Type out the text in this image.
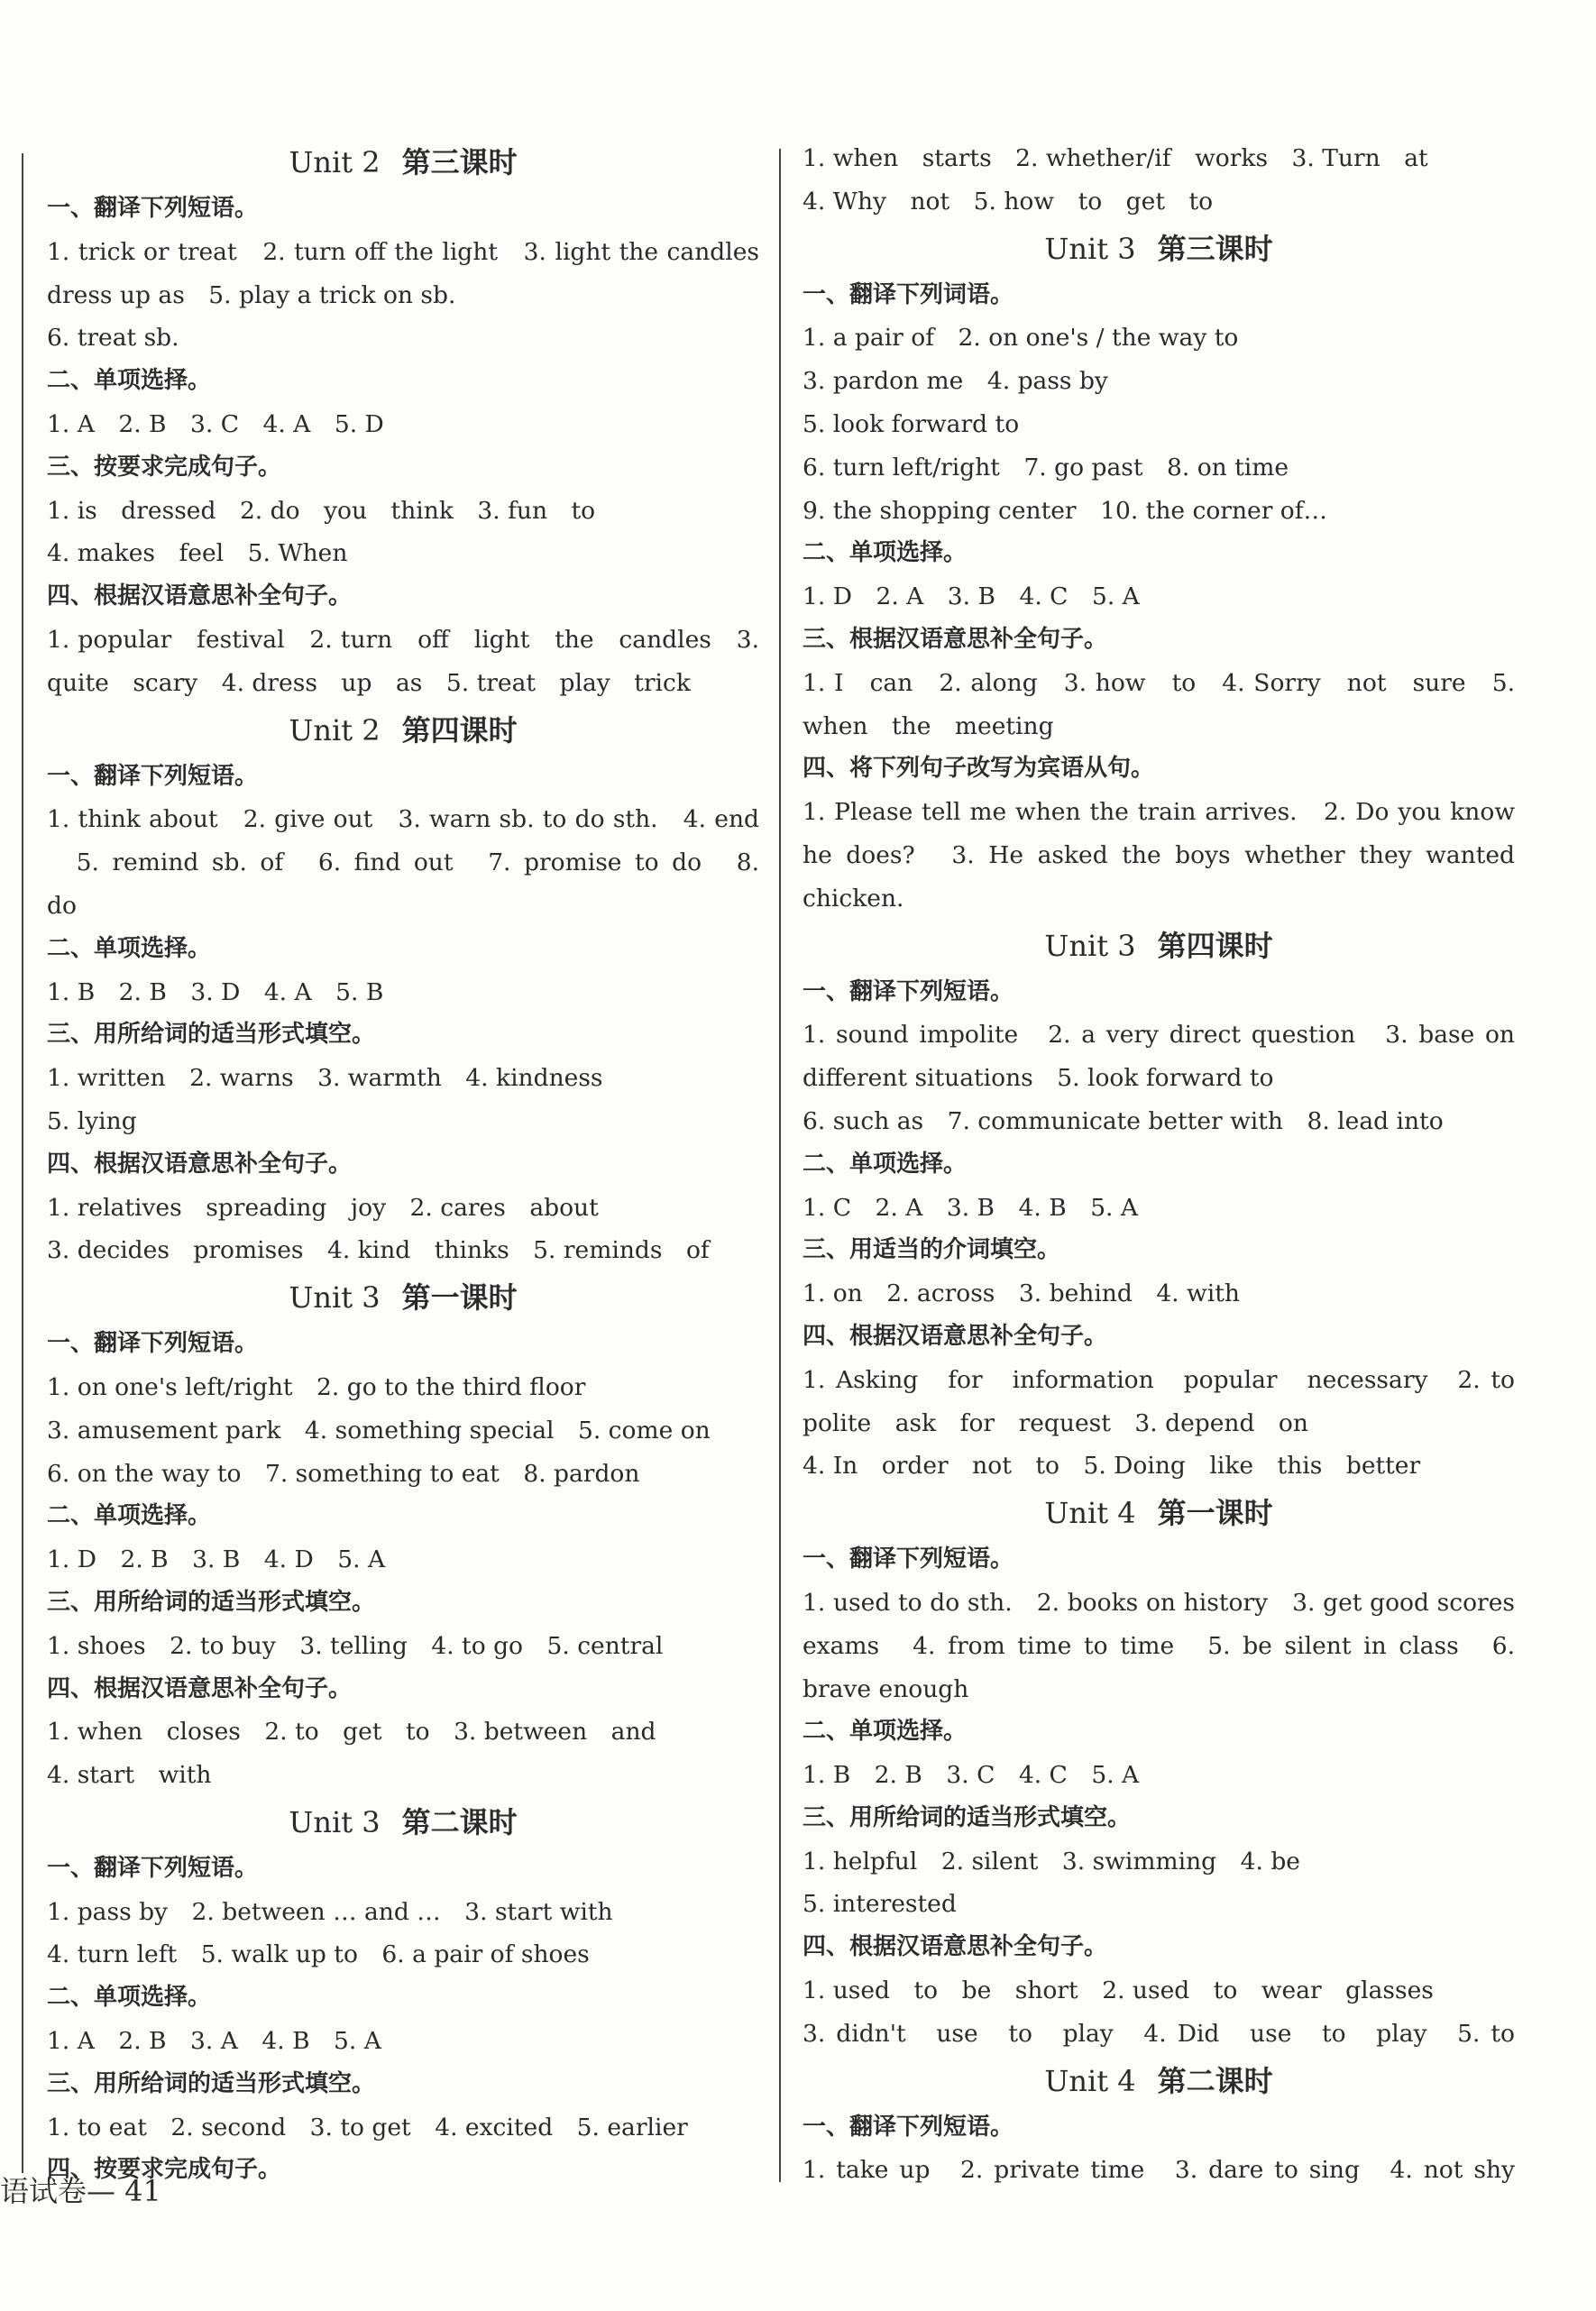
Unit 2 第三课时
一、翻译下列短语。
1. trick or treat　2. turn off the light　3. light the candles　
dress up as　5. play a trick on sb.
6. treat sb.
二、单项选择。
1. A　2. B　3. C　4. A　5. D
三、按要求完成句子。
1. is　dressed　2. do　you　think　3. fun　to
4. makes　feel　5. When
四、根据汉语意思补全句子。
1. popular　festival　2. turn　off　light　the　candles　3.
quite　scary　4. dress　up　as　5. treat　play　trick
Unit 2 第四课时
一、翻译下列短语。
1. think about　2. give out　3. warn sb. to do sth.　4. end
　5. remind sb. of　6. find out　7. promise to do　8.
do
二、单项选择。
1. B　2. B　3. D　4. A　5. B
三、用所给词的适当形式填空。
1. written　2. warns　3. warmth　4. kindness
5. lying
四、根据汉语意思补全句子。
1. relatives　spreading　joy　2. cares　about
3. decides　promises　4. kind　thinks　5. reminds　of
Unit 3 第一课时
一、翻译下列短语。
1. on one's left/right　2. go to the third floor
3. amusement park　4. something special　5. come on
6. on the way to　7. something to eat　8. pardon
二、单项选择。
1. D　2. B　3. B　4. D　5. A
三、用所给词的适当形式填空。
1. shoes　2. to buy　3. telling　4. to go　5. central
四、根据汉语意思补全句子。
1. when　closes　2. to　get　to　3. between　and
4. start　with
Unit 3 第二课时
一、翻译下列短语。
1. pass by　2. between … and …　3. start with
4. turn left　5. walk up to　6. a pair of shoes
二、单项选择。
1. A　2. B　3. A　4. B　5. A
三、用所给词的适当形式填空。
1. to eat　2. second　3. to get　4. excited　5. earlier
四、按要求完成句子。
1. when　starts　2. whether/if　works　3. Turn　at
4. Why　not　5. how　to　get　to
Unit 3 第三课时
一、翻译下列词语。
1. a pair of　2. on one's / the way to
3. pardon me　4. pass by
5. look forward to
6. turn left/right　7. go past　8. on time
9. the shopping center　10. the corner of…
二、单项选择。
1. D　2. A　3. B　4. C　5. A
三、根据汉语意思补全句子。
1. I　can　2. along　3. how　to　4. Sorry　not　sure　5.
when　the　meeting
四、将下列句子改写为宾语从句。
1. Please tell me when the train arrives.　2. Do you know
he does?　3. He asked the boys whether they wanted
chicken.
Unit 3 第四课时
一、翻译下列短语。
1. sound impolite　2. a very direct question　3. base on　
different situations　5. look forward to
6. such as　7. communicate better with　8. lead into
二、单项选择。
1. C　2. A　3. B　4. B　5. A
三、用适当的介词填空。
1. on　2. across　3. behind　4. with
四、根据汉语意思补全句子。
1. Asking　for　information　popular　necessary　2. to　
polite　ask　for　request　3. depend　on
4. In　order　not　to　5. Doing　like　this　better
Unit 4 第一课时
一、翻译下列短语。
1. used to do sth.　2. books on history　3. get good scores
exams　4. from time to time　5. be silent in class　6.
brave enough
二、单项选择。
1. B　2. B　3. C　4. C　5. A
三、用所给词的适当形式填空。
1. helpful　2. silent　3. swimming　4. be
5. interested
四、根据汉语意思补全句子。
1. used　to　be　short　2. used　to　wear　glasses
3. didn't　use　to　play　4. Did　use　to　play　5. to　
Unit 4 第二课时
一、翻译下列短语。
1. take up　2. private time　3. dare to sing　4. not shy
语试卷— 41
